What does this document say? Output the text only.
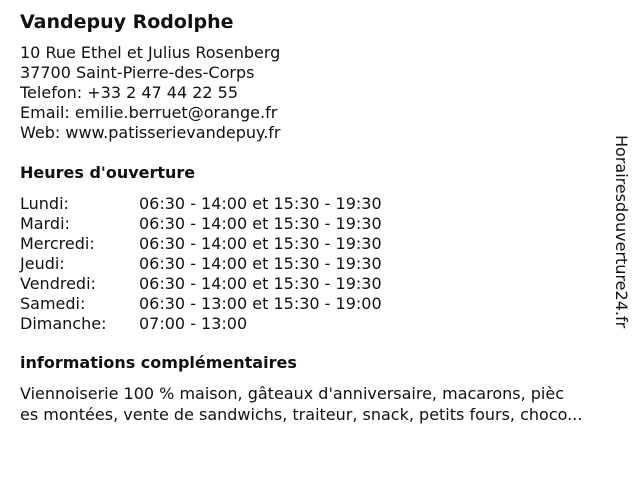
Vandepuy Rodolphe
10 Rue Ethel et Julius Rosenberg
37700 Saint-Pierre-des-Corps
Telefon: +33 2 47 44 22 55
Email: emilie.berruet@orange.fr
Web: www.patisserievandepuy.fr
Heures d'ouverture
Lundi:	06:30 - 14:00 et 15:30 - 19:30
Mardi:	06:30 - 14:00 et 15:30 - 19:30
Mercredi:	06:30 - 14:00 et 15:30 - 19:30
Jeudi:	06:30 - 14:00 et 15:30 - 19:30
Vendredi:	06:30 - 14:00 et 15:30 - 19:30
Samedi:	06:30 - 13:00 et 15:30 - 19:00
Dimanche: 07:00 - 13:00
informations complémentaires
Viennoiserie 100 % maison, gâteaux d'anniversaire, macarons, pièc
es montées, vente de sandwichs, traiteur, snack, petits fours, choco...
Horairesdouverture24.fr
